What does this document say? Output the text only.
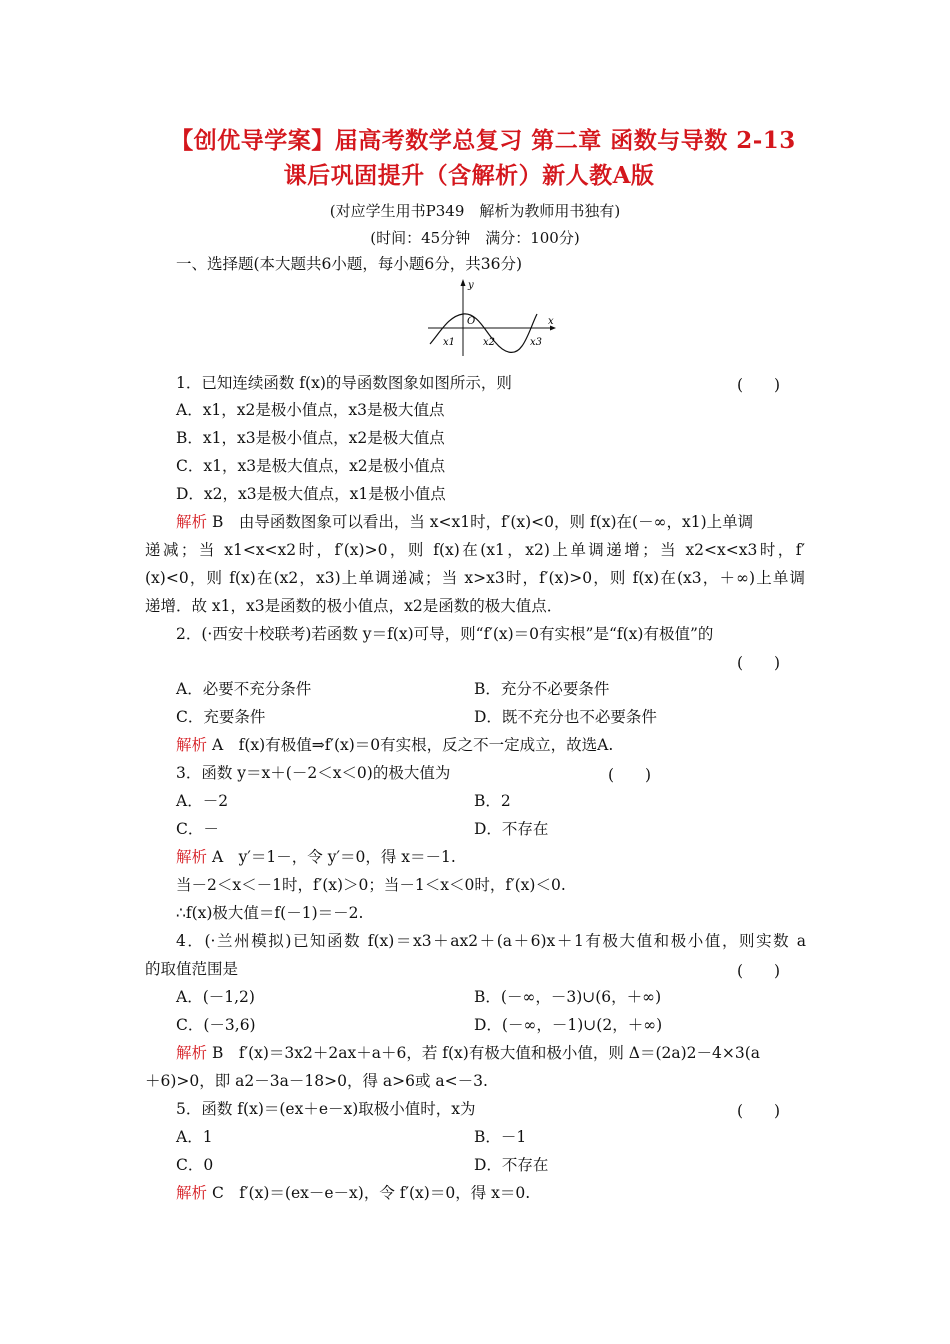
【创优导学案】届高考数学总复习 第二章 函数与导数 2-13
课后巩固提升（含解析）新人教A版
(对应学生用书P349　解析为教师用书独有)
(时间：45分钟　满分：100分)
一、选择题(本大题共6小题，每小题6分，共36分)
y
x
O
x1	x2	x3
1．已知连续函数 f(x)的导函数图象如图所示，则	(　　)
A．x1，x2是极小值点，x3是极大值点
B．x1，x3是极小值点，x2是极大值点
C．x1，x3是极大值点，x2是极小值点
D．x2，x3是极大值点，x1是极小值点
解析 B　由导函数图象可以看出，当 x<x1时，f′(x)<0，则 f(x)在(－∞，x1)上单调
递减；当 x1<x<x2时，f′(x)>0，则 f(x)在(x1，x2)上单调递增；当 x2<x<x3时，f′
(x)<0，则 f(x)在(x2，x3)上单调递减；当 x>x3时，f′(x)>0，则 f(x)在(x3，＋∞)上单调
递增．故 x1，x3是函数的极小值点，x2是函数的极大值点．
2．(·西安十校联考)若函数 y＝f(x)可导，则“f′(x)＝0有实根”是“f(x)有极值”的
(　　)
A．必要不充分条件	B．充分不必要条件
C．充要条件	D．既不充分也不必要条件
解析 A　f(x)有极值⇒f′(x)＝0有实根，反之不一定成立，故选A.
3．函数 y＝x＋(－2＜x＜0)的极大值为	(　　)
A．－2	B．2
C．－	D．不存在
解析 A　y′＝1－，令 y′＝0，得 x＝－1.
当－2＜x＜－1时，f′(x)＞0；当－1＜x＜0时，f′(x)＜0.
∴f(x)极大值＝f(－1)＝－2.
4．(·兰州模拟)已知函数 f(x)＝x3＋ax2＋(a＋6)x＋1有极大值和极小值，则实数 a
的取值范围是	(　　)
A．(－1,2)	B．(－∞，－3)∪(6，＋∞)
C．(－3,6)	D．(－∞，－1)∪(2，＋∞)
解析 B　f′(x)＝3x2＋2ax＋a＋6，若 f(x)有极大值和极小值，则 Δ＝(2a)2－4×3(a
＋6)>0，即 a2－3a－18>0，得 a>6或 a<－3.
5．函数 f(x)＝(ex＋e－x)取极小值时，x为	(　　)
A．1	B．－1
C．0	D．不存在
解析 C　f′(x)＝(ex－e－x)，令 f′(x)＝0，得 x＝0.
